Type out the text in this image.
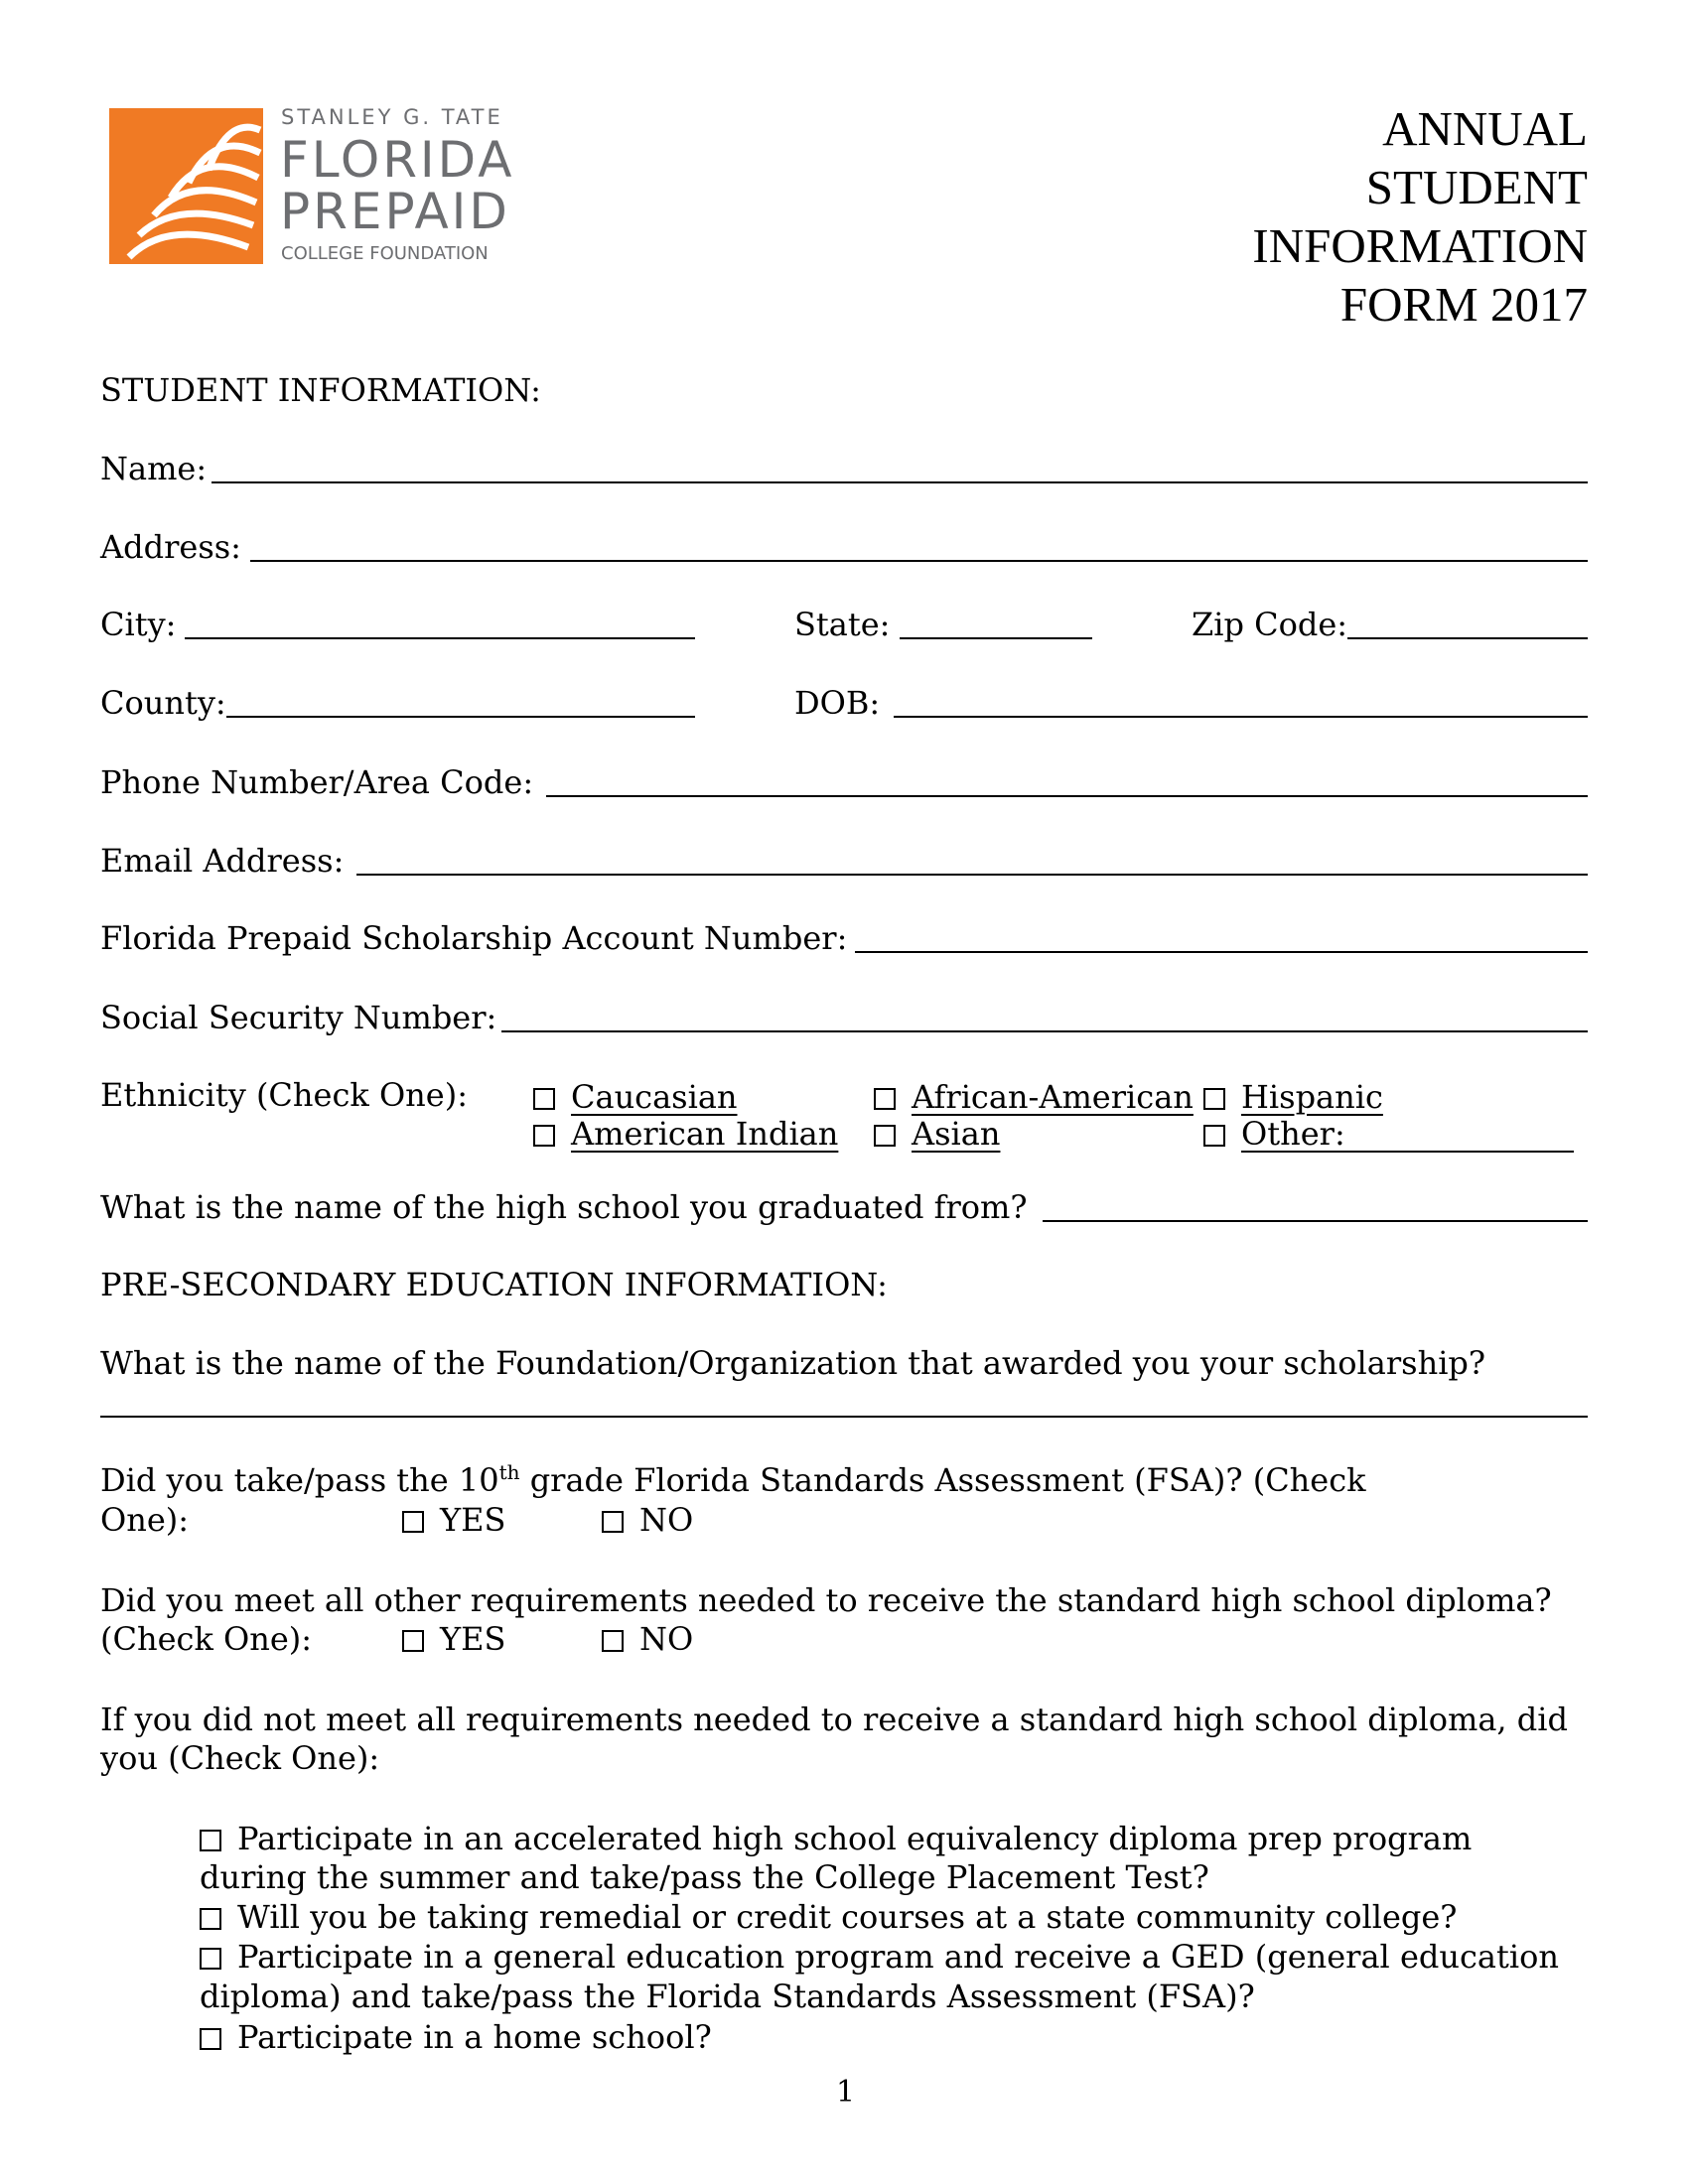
STANLEY G. TATE
FLORIDA
PREPAID
COLLEGE FOUNDATION
ANNUAL
STUDENT
INFORMATION
FORM 2017
STUDENT INFORMATION:
Name:
Address:
City:	State:	Zip Code:
County:	DOB:
Phone Number/Area Code:
Email Address:
Florida Prepaid Scholarship Account Number:
Social Security Number:
Ethnicity (Check One):	Caucasian	African-American	Hispanic
American Indian	Asian	Other:
What is the name of the high school you graduated from?
PRE-SECONDARY EDUCATION INFORMATION:
What is the name of the Foundation/Organization that awarded you your scholarship?
Did you take/pass the 10th grade Florida Standards Assessment (FSA)? (Check
One):	YES	NO
Did you meet all other requirements needed to receive the standard high school diploma?
(Check One):	YES	NO
If you did not meet all requirements needed to receive a standard high school diploma, did
you (Check One):
Participate in an accelerated high school equivalency diploma prep program
during the summer and take/pass the College Placement Test?
Will you be taking remedial or credit courses at a state community college?
Participate in a general education program and receive a GED (general education
diploma) and take/pass the Florida Standards Assessment (FSA)?
Participate in a home school?
1
